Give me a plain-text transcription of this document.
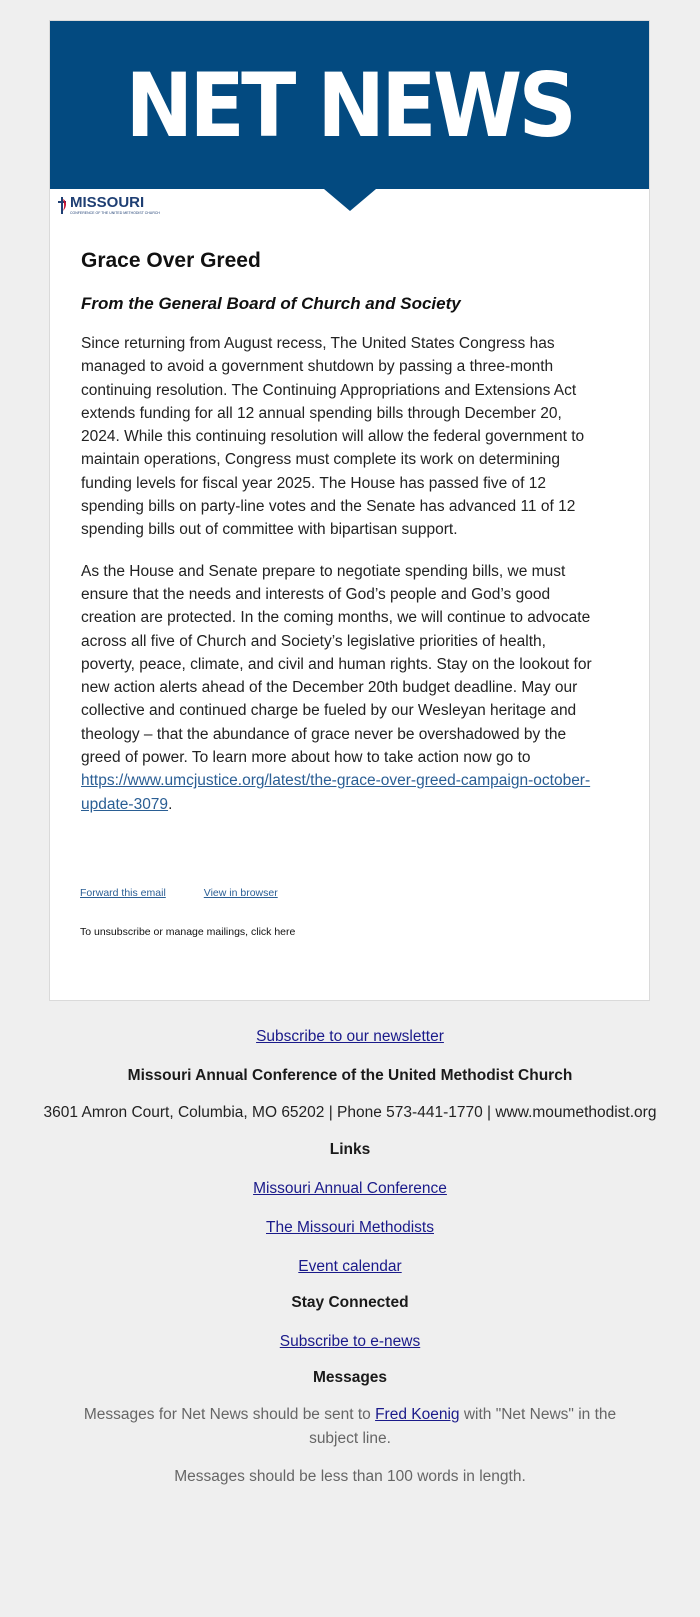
NET NEWS
MISSOURI
CONFERENCE OF THE UNITED METHODIST CHURCH
Grace Over Greed
From the General Board of Church and Society

Since returning from August recess, The United States Congress has managed to avoid a government shutdown by passing a three-month continuing resolution. The Continuing Appropriations and Extensions Act extends funding for all 12 annual spending bills through December 20, 2024. While this continuing resolution will allow the federal government to maintain operations, Congress must complete its work on determining funding levels for fiscal year 2025. The House has passed five of 12 spending bills on party-line votes and the Senate has advanced 11 of 12 spending bills out of committee with bipartisan support.

As the House and Senate prepare to negotiate spending bills, we must ensure that the needs and interests of God’s people and God’s good creation are protected. In the coming months, we will continue to advocate across all five of Church and Society’s legislative priorities of health, poverty, peace, climate, and civil and human rights. Stay on the lookout for new action alerts ahead of the December 20th budget deadline. May our collective and continued charge be fueled by our Wesleyan heritage and theology – that the abundance of grace never be overshadowed by the greed of power. To learn more about how to take action now go to https://www.umcjustice.org/latest/the-grace-over-greed-campaign-october-update-3079.

Forward this email	View in browser
To unsubscribe or manage mailings, click here

Subscribe to our newsletter

Missouri Annual Conference of the United Methodist Church

3601 Amron Court, Columbia, MO 65202 | Phone 573-441-1770 | www.moumethodist.org

Links

Missouri Annual Conference

The Missouri Methodists

Event calendar

Stay Connected

Subscribe to e-news

Messages

Messages for Net News should be sent to Fred Koenig with "Net News" in the subject line.

Messages should be less than 100 words in length.
